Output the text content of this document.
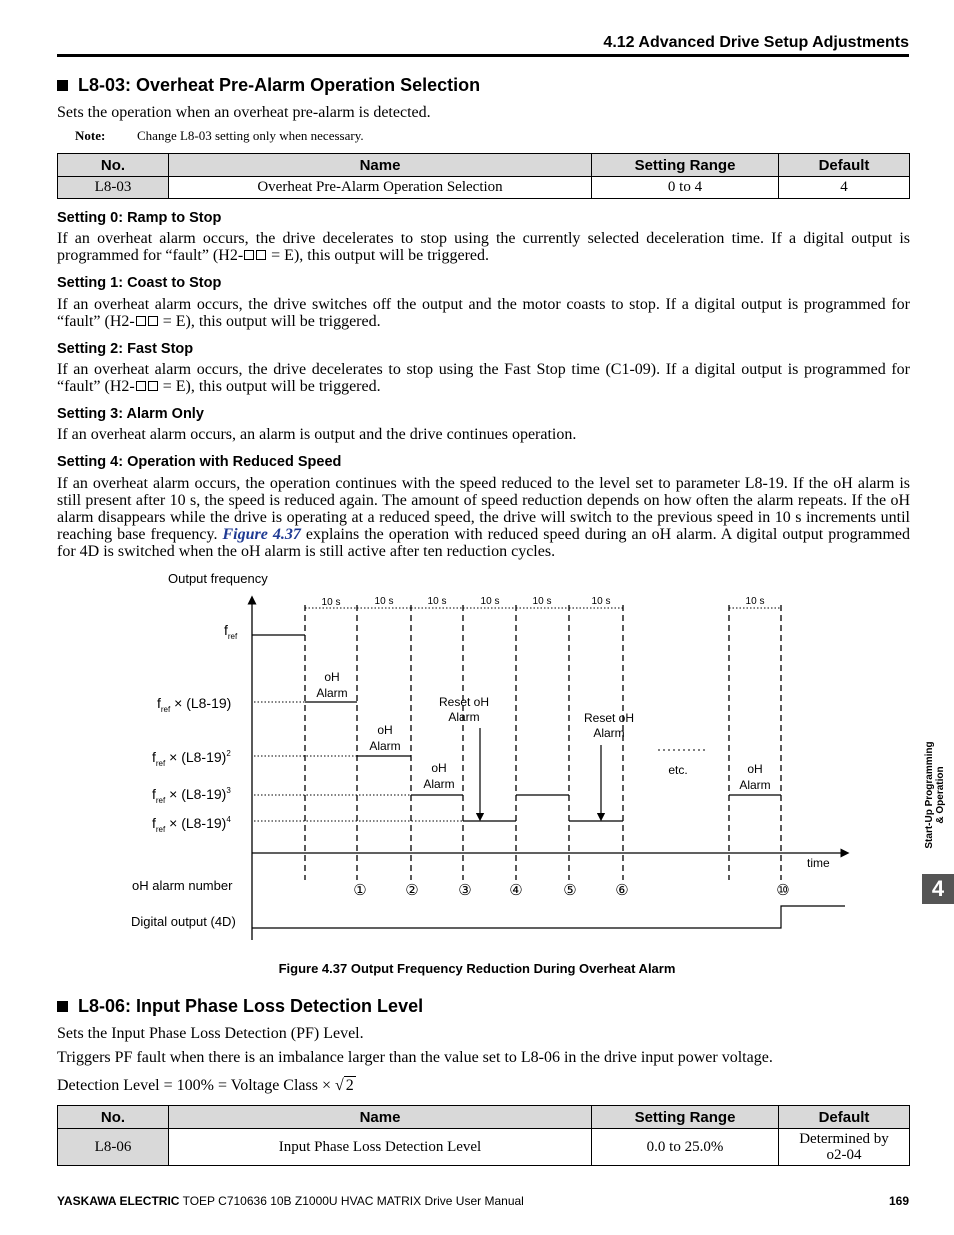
4.12 Advanced Drive Setup Adjustments
L8-03: Overheat Pre-Alarm Operation Selection
Sets the operation when an overheat pre-alarm is detected.
Note: Change L8-03 setting only when necessary.
No.	Name	Setting Range	Default
L8-03	Overheat Pre-Alarm Operation Selection	0 to 4	4
Setting 0: Ramp to Stop
If an overheat alarm occurs, the drive decelerates to stop using the currently selected deceleration time. If a digital output is programmed for “fault” (H2- = E), this output will be triggered.
Setting 1: Coast to Stop
If an overheat alarm occurs, the drive switches off the output and the motor coasts to stop. If a digital output is programmed for “fault” (H2- = E), this output will be triggered.
Setting 2: Fast Stop
If an overheat alarm occurs, the drive decelerates to stop using the Fast Stop time (C1-09). If a digital output is programmed for “fault” (H2- = E), this output will be triggered.
Setting 3: Alarm Only
If an overheat alarm occurs, an alarm is output and the drive continues operation.
Setting 4: Operation with Reduced Speed
If an overheat alarm occurs, the operation continues with the speed reduced to the level set to parameter L8-19. If the oH alarm is still present after 10 s, the speed is reduced again. The amount of speed reduction depends on how often the alarm repeats. If the oH alarm disappears while the drive is operating at a reduced speed, the drive will switch to the previous speed in 10 s increments until reaching base frequency. Figure 4.37 explains the operation with reduced speed during an oH alarm. A digital output programmed for 4D is switched when the oH alarm is still active after ten reduction cycles.
Output frequency
time
$f_{ref}$
$f_{ref} \times (L8-19)$
$f_{ref} \times (L8-19)^2$
$f_{ref} \times (L8-19)^3$
$f_{ref} \times (L8-19)^4$
10 s	10 s	10 s	10 s	10 s	10 s	10 s
oH
Alarm
oH
Alarm
oH
Alarm
Reset oH
Alarm	Reset oH
Alarm
etc.	oH
Alarm
oH alarm number	①	②	③	④	⑤	⑥	⑩
Digital output (4D)
Figure 4.37 Output Frequency Reduction During Overheat Alarm
L8-06: Input Phase Loss Detection Level
Sets the Input Phase Loss Detection (PF) Level.
Triggers PF fault when there is an imbalance larger than the value set to L8-06 in the drive input power voltage.
Detection Level = 100% = Voltage Class × √ 2
No.	Name	Setting Range	Default
L8-06	Input Phase Loss Detection Level	0.0 to 25.0%	Determined by o2-04
Start-Up Programming
& Operation
4
YASKAWA ELECTRIC TOEP C710636 10B Z1000U HVAC MATRIX Drive User Manual	169
